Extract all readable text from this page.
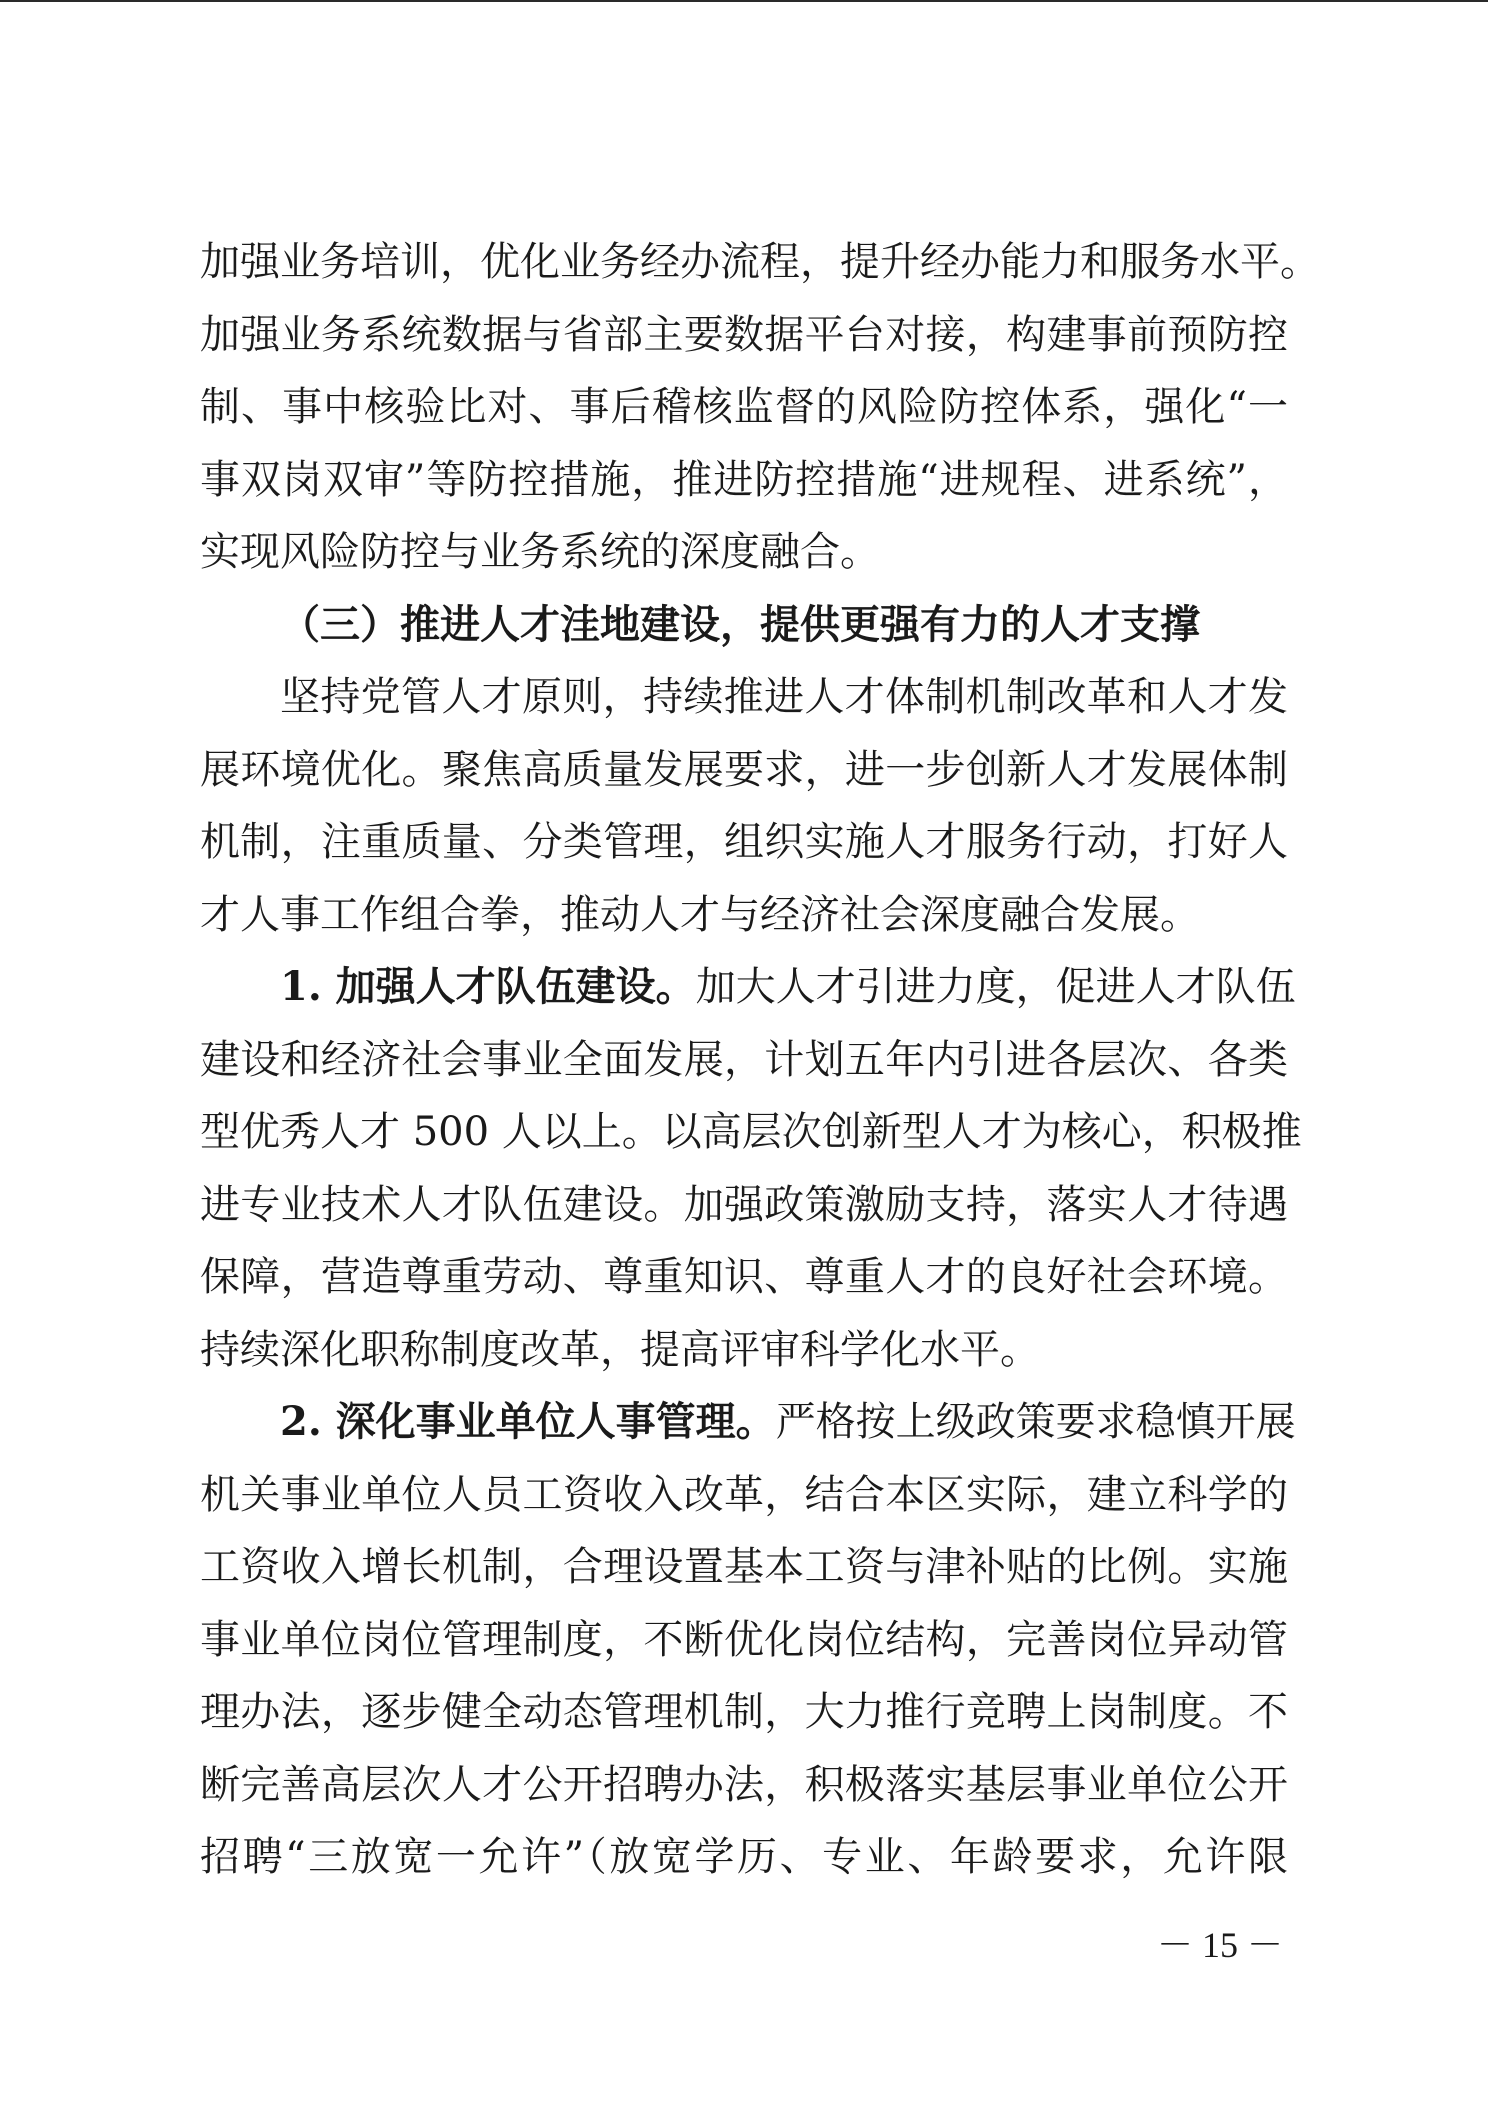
加强业务培训，优化业务经办流程，提升经办能力和服务水平。
加强业务系统数据与省部主要数据平台对接，构建事前预防控
制、事中核验比对、事后稽核监督的风险防控体系，强化“一
事双岗双审”等防控措施，推进防控措施“进规程、进系统”，
实现风险防控与业务系统的深度融合。
（三）推进人才洼地建设，提供更强有力的人才支撑
坚持党管人才原则，持续推进人才体制机制改革和人才发
展环境优化。聚焦高质量发展要求，进一步创新人才发展体制
机制，注重质量、分类管理，组织实施人才服务行动，打好人
才人事工作组合拳，推动人才与经济社会深度融合发展。
1. 加强人才队伍建设。加大人才引进力度，促进人才队伍
建设和经济社会事业全面发展，计划五年内引进各层次、各类
型优秀人才 500 人以上。以高层次创新型人才为核心，积极推
进专业技术人才队伍建设。加强政策激励支持，落实人才待遇
保障，营造尊重劳动、尊重知识、尊重人才的良好社会环境。
持续深化职称制度改革，提高评审科学化水平。
2. 深化事业单位人事管理。严格按上级政策要求稳慎开展
机关事业单位人员工资收入改革，结合本区实际，建立科学的
工资收入增长机制，合理设置基本工资与津补贴的比例。实施
事业单位岗位管理制度，不断优化岗位结构，完善岗位异动管
理办法，逐步健全动态管理机制，大力推行竞聘上岗制度。不
断完善高层次人才公开招聘办法，积极落实基层事业单位公开
招聘“三放宽一允许”（放宽学历、专业、年龄要求，允许限
－ 15 －
